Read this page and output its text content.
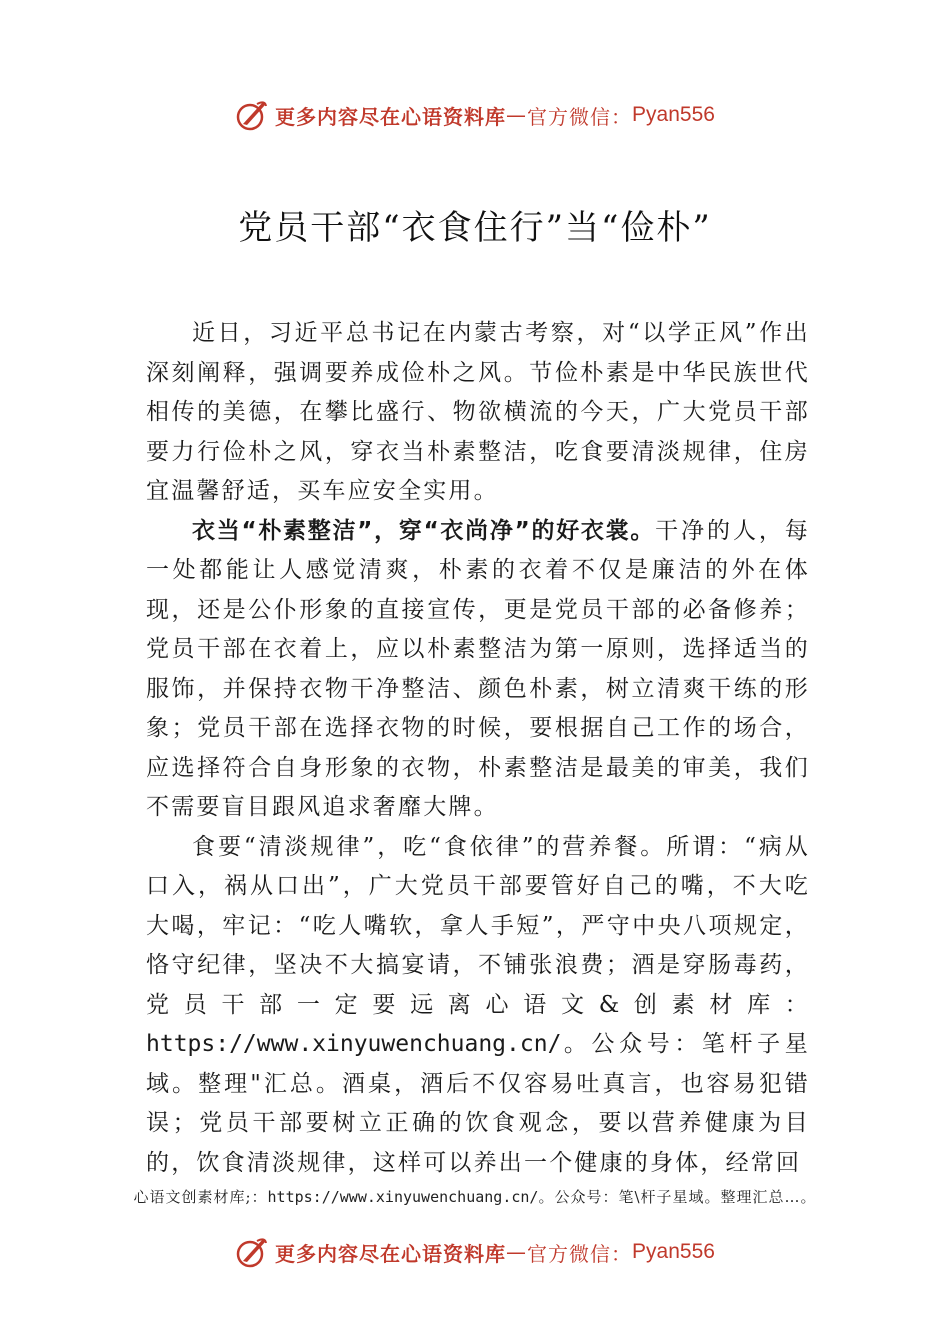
更多内容尽在心语资料库 — 官方微信： Pyan556
党员干部“衣食住行”当“俭朴”

近日，习近平总书记在内蒙古考察，对“以学正风”作出深刻阐释，强调要养成俭朴之风。节俭朴素是中华民族世代相传的美德，在攀比盛行、物欲横流的今天，广大党员干部要力行俭朴之风，穿衣当朴素整洁，吃食要清淡规律，住房宜温馨舒适，买车应安全实用。

衣当“朴素整洁”，穿“衣尚净”的好衣裳。干净的人，每一处都能让人感觉清爽，朴素的衣着不仅是廉洁的外在体现，还是公仆形象的直接宣传，更是党员干部的必备修养； 党员干部在衣着上，应以朴素整洁为第一原则，选择适当的服饰，并保持衣物干净整洁、颜色朴素，树立清爽干练的形象；党员干部在选择衣物的时候，要根据自己工作的场合， 应选择符合自身形象的衣物，朴素整洁是最美的审美，我们不需要盲目跟风追求奢靡大牌。

食要“清淡规律”，吃“食依律”的营养餐。所谓：“病从口入，祸从口出”，广大党员干部要管好自己的嘴，不大吃大喝，牢记：“吃人嘴软，拿人手短”，严守中央八项规定，恪守纪律，坚决不大搞宴请，不铺张浪费；酒是穿肠毒药， 党员干部一定要远离心语文&创素材库：https://www.xinyuwenchuang.cn/。公众号：笔杆子星域。整理"汇总。酒桌，酒后不仅容易吐真言，也容易犯错误；党员干部要树立正确的饮食观念，要以营养健康为目的，饮食清淡规律，这样可以养出一个健康的身体，经常回

心语文创素材库;：https://www.xinyuwenchuang.cn/。公众号：笔\杆子星域。整理汇总…。
更多内容尽在心语资料库 — 官方微信： Pyan556
